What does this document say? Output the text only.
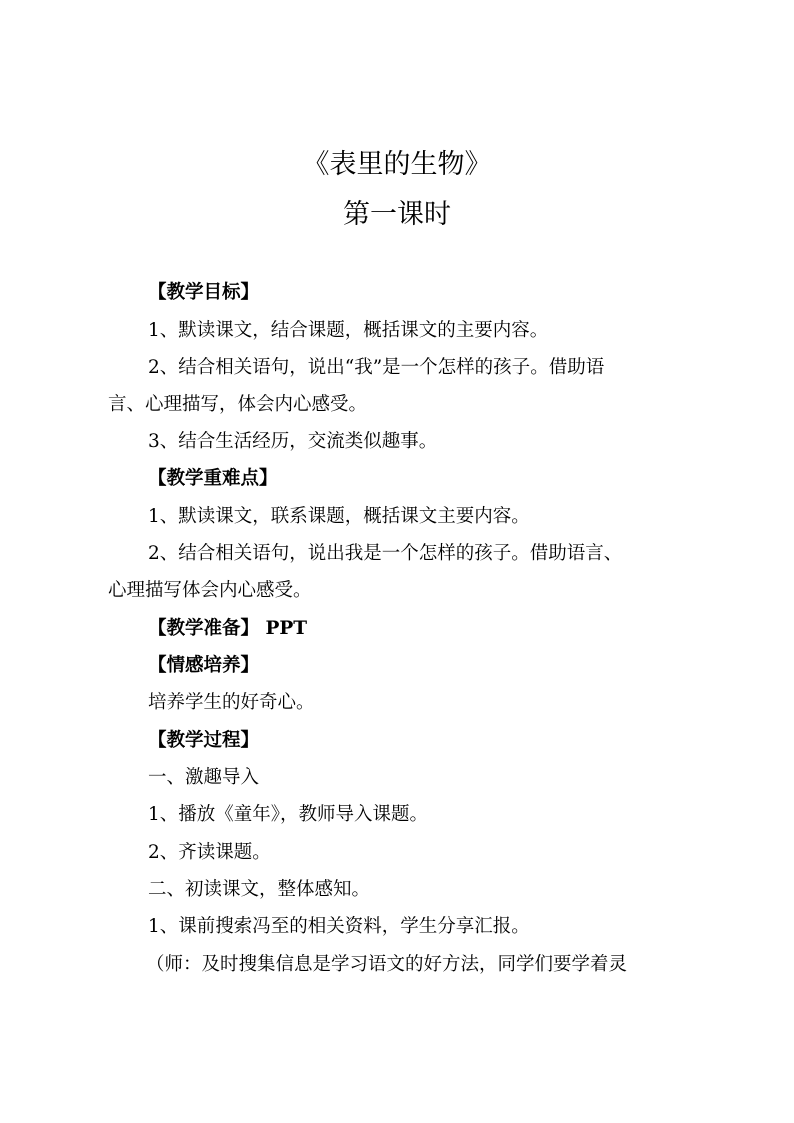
《表里的生物》
第一课时
【教学目标】
1、默读课文，结合课题，概括课文的主要内容。
2、结合相关语句，说出“我”是一个怎样的孩子。借助语
言、心理描写，体会内心感受。
3、结合生活经历，交流类似趣事。
【教学重难点】
1、默读课文，联系课题，概括课文主要内容。
2、结合相关语句，说出我是一个怎样的孩子。借助语言、
心理描写体会内心感受。
【教学准备】 PPT
【情感培养】
培养学生的好奇心。
【教学过程】
一、激趣导入
1、播放《童年》，教师导入课题。
2、齐读课题。
二、初读课文，整体感知。
1、课前搜索冯至的相关资料，学生分享汇报。
（师：及时搜集信息是学习语文的好方法，同学们要学着灵
